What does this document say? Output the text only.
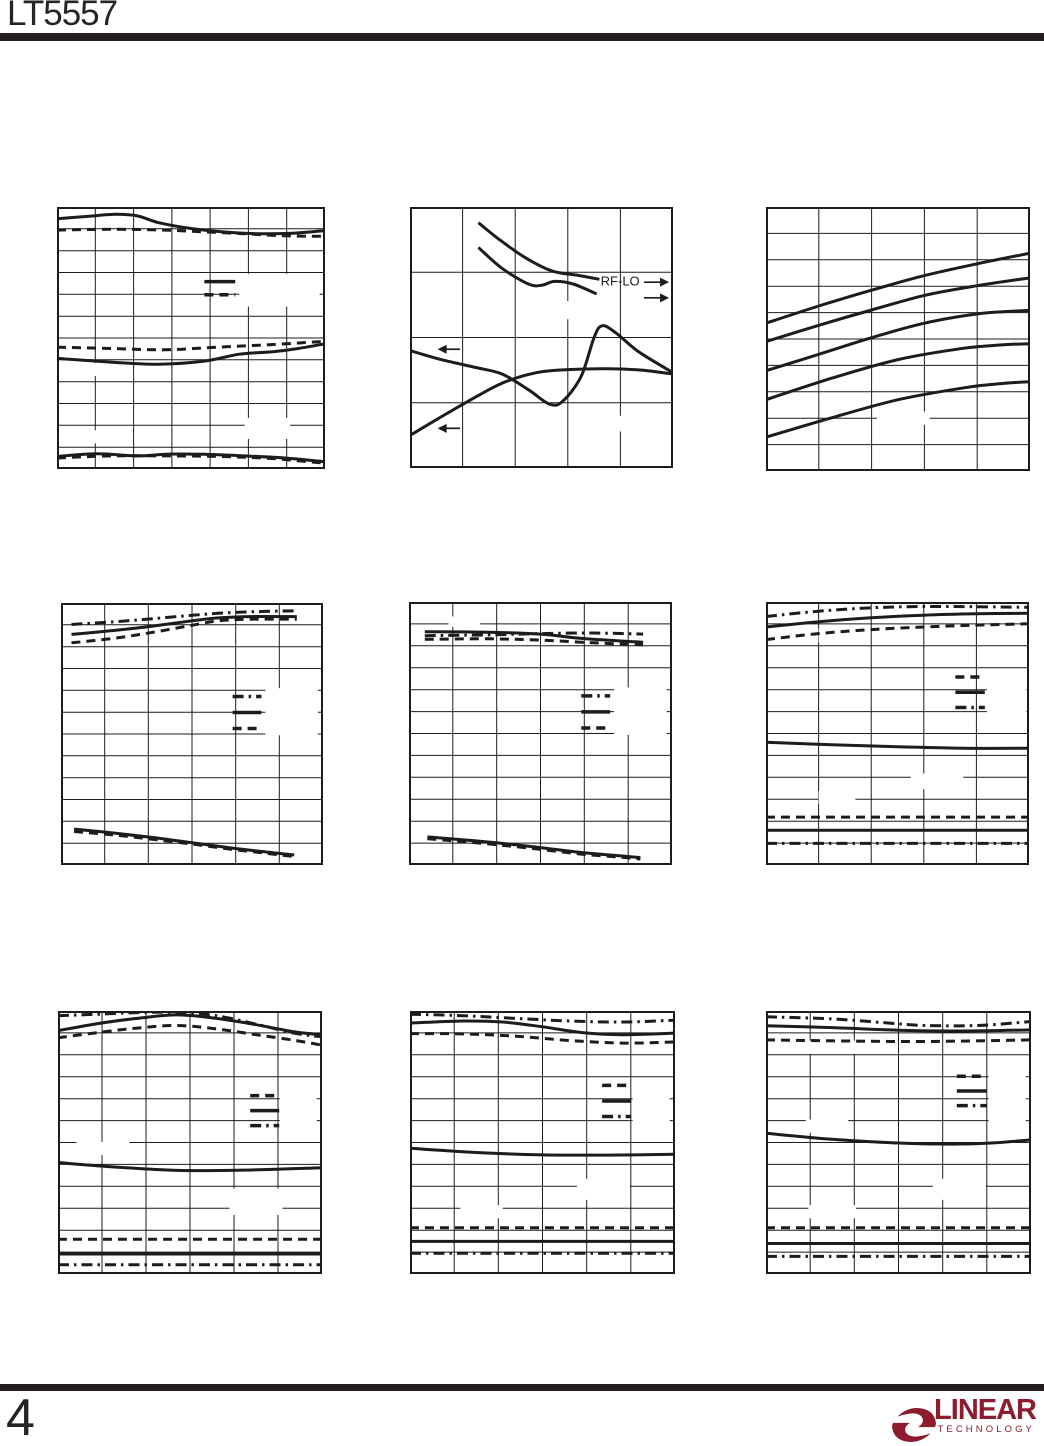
LT5557
RF-LO
4	LINEAR
TECHNOLOGY
